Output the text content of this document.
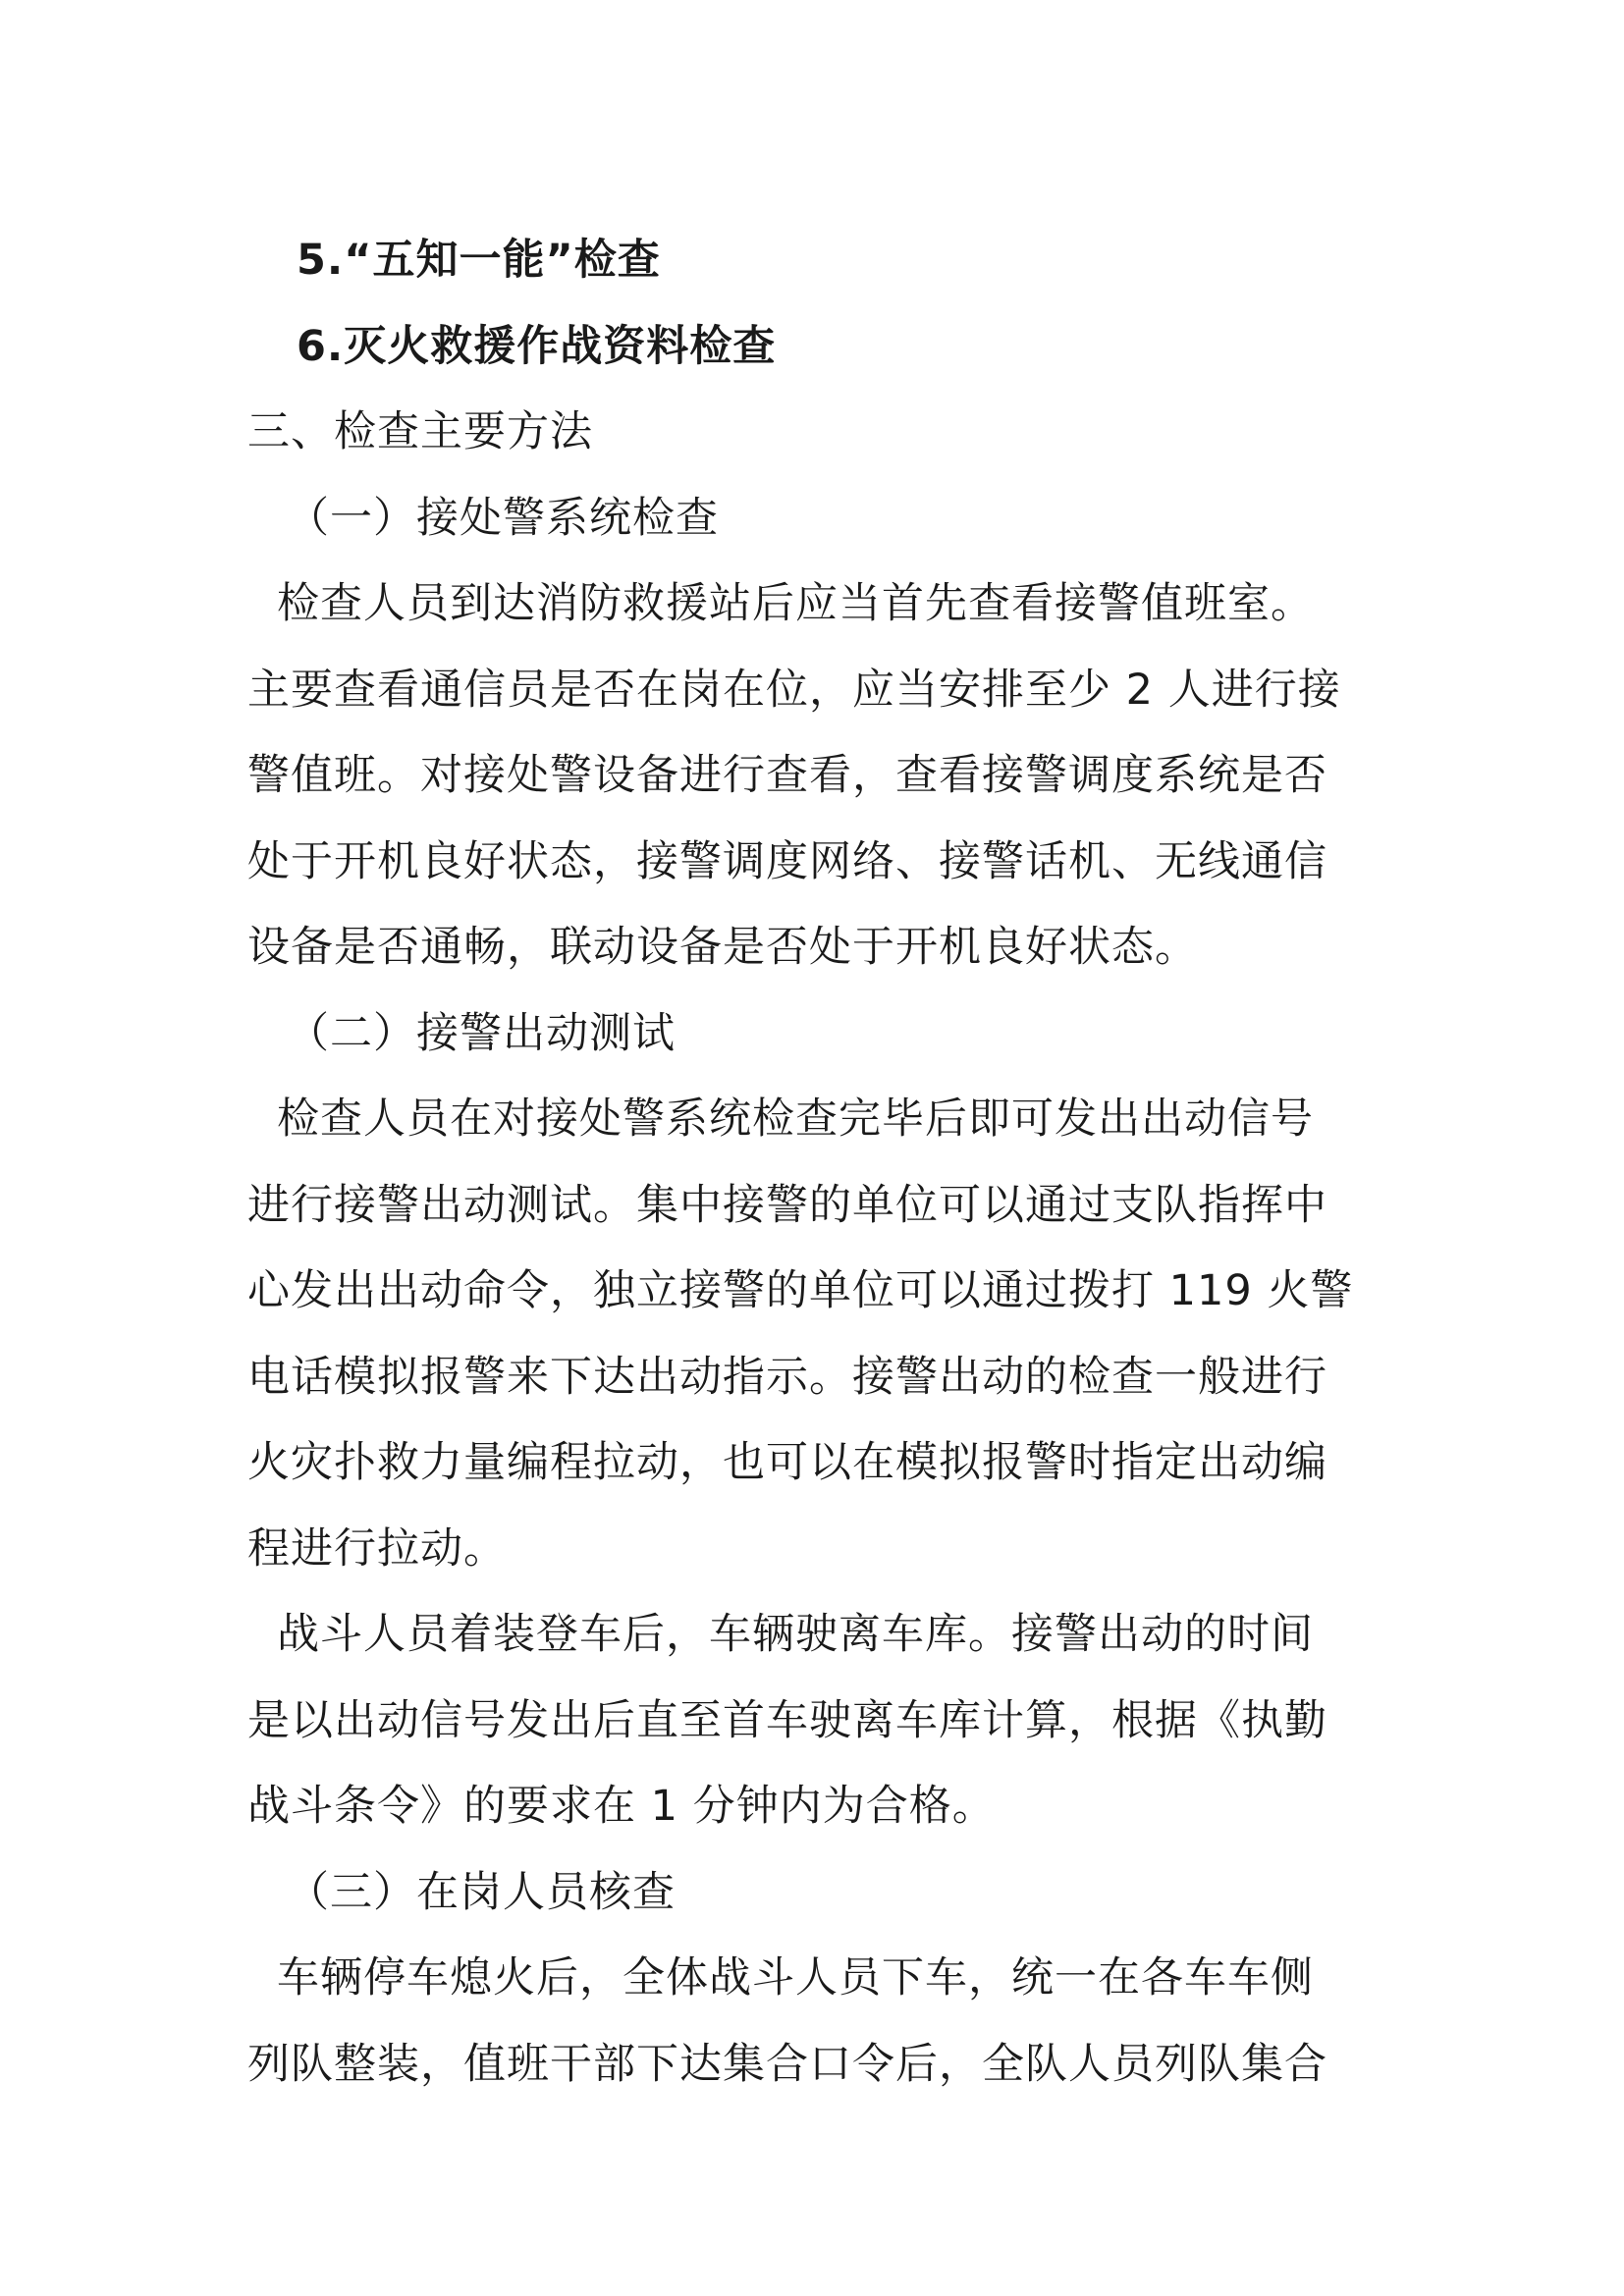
5.“五知一能”检查
6.灭火救援作战资料检查
三、检查主要方法
（一）接处警系统检查
检查人员到达消防救援站后应当首先查看接警值班室。
主要查看通信员是否在岗在位，应当安排至少 2 人进行接
警值班。对接处警设备进行查看，查看接警调度系统是否
处于开机良好状态，接警调度网络、接警话机、无线通信
设备是否通畅，联动设备是否处于开机良好状态。
（二）接警出动测试
检查人员在对接处警系统检查完毕后即可发出出动信号
进行接警出动测试。集中接警的单位可以通过支队指挥中
心发出出动命令，独立接警的单位可以通过拨打 119 火警
电话模拟报警来下达出动指示。接警出动的检查一般进行
火灾扑救力量编程拉动，也可以在模拟报警时指定出动编
程进行拉动。
战斗人员着装登车后，车辆驶离车库。接警出动的时间
是以出动信号发出后直至首车驶离车库计算，根据《执勤
战斗条令》的要求在 1 分钟内为合格。
（三）在岗人员核查
车辆停车熄火后，全体战斗人员下车，统一在各车车侧
列队整装，值班干部下达集合口令后，全队人员列队集合
